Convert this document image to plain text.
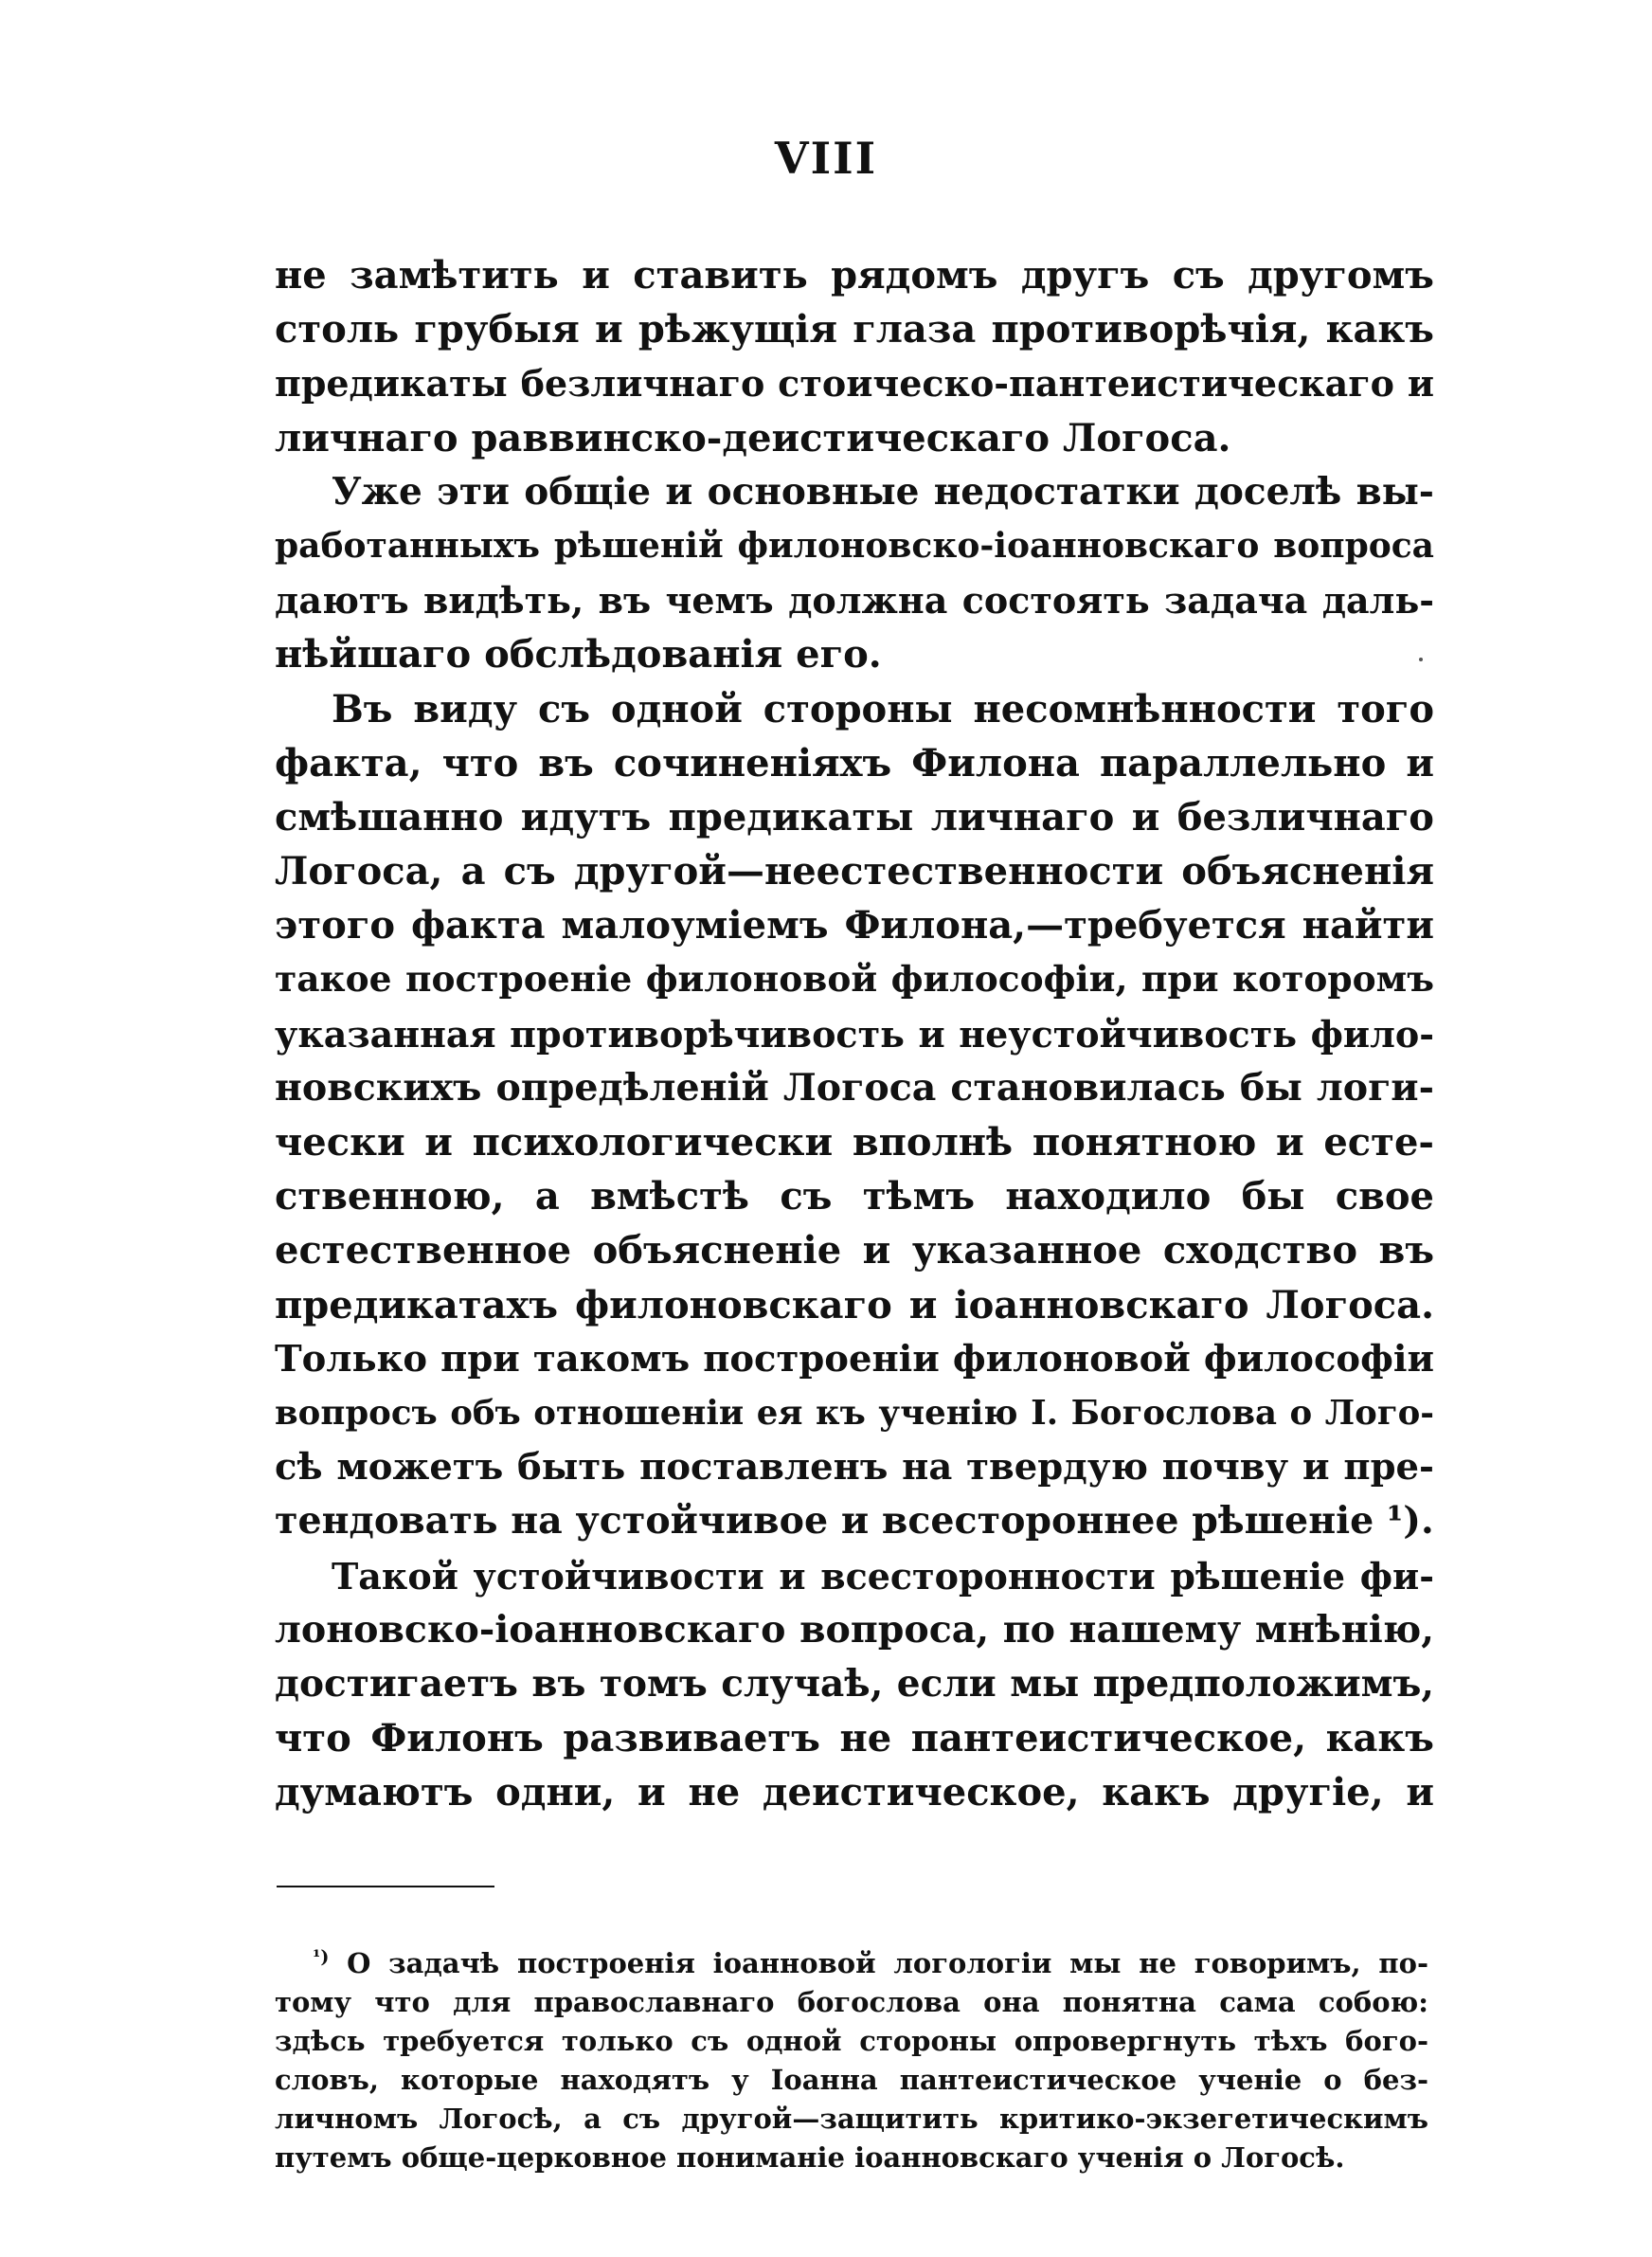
VIII
не замѣтить и ставить рядомъ другъ съ другомъ
столь грубыя и рѣжущія глаза противорѣчія, какъ
предикаты безличнаго стоическо-пантеистическаго и
личнаго раввинско-деистическаго Логоса.
Уже эти общіе и основные недостатки доселѣ вы-
работанныхъ рѣшеній филоновско-іоанновскаго вопроса
даютъ видѣть, въ чемъ должна состоять задача даль-
нѣйшаго обслѣдованія его.
Въ виду съ одной стороны несомнѣнности того
факта, что въ сочиненіяхъ Филона параллельно и
смѣшанно идутъ предикаты личнаго и безличнаго
Логоса, а съ другой—неестественности объясненія
этого факта малоуміемъ Филона,—требуется найти
такое построеніе филоновой философіи, при которомъ
указанная противорѣчивость и неустойчивость фило-
новскихъ опредѣленій Логоса становилась бы логи-
чески и психологически вполнѣ понятною и есте-
ственною, а вмѣстѣ съ тѣмъ находило бы свое
естественное объясненіе и указанное сходство въ
предикатахъ филоновскаго и іоанновскаго Логоса.
Только при такомъ построеніи филоновой философіи
вопросъ объ отношеніи ея къ ученію І. Богослова о Лого-
сѣ можетъ быть поставленъ на твердую почву и пре-
тендовать на устойчивое и всестороннее рѣшеніе ¹).
Такой устойчивости и всесторонности рѣшеніе фи-
лоновско-іоанновскаго вопроса, по нашему мнѣнію,
достигаетъ въ томъ случаѣ, если мы предположимъ,
что Филонъ развиваетъ не пантеистическое, какъ
думаютъ одни, и не деистическое, какъ другіе, и
$^{^1)}$ О задачѣ построенія іоанновой логологіи мы не говоримъ, по-
тому что для православнаго богослова она понятна сама собою:
здѣсь требуется только съ одной стороны опровергнуть тѣхъ бого-
словъ, которые находятъ у Іоанна пантеистическое ученіе о без-
личномъ Логосѣ, а съ другой—защитить критико-экзегетическимъ
путемъ обще-церковное пониманіе іоанновскаго ученія о Логосѣ.
